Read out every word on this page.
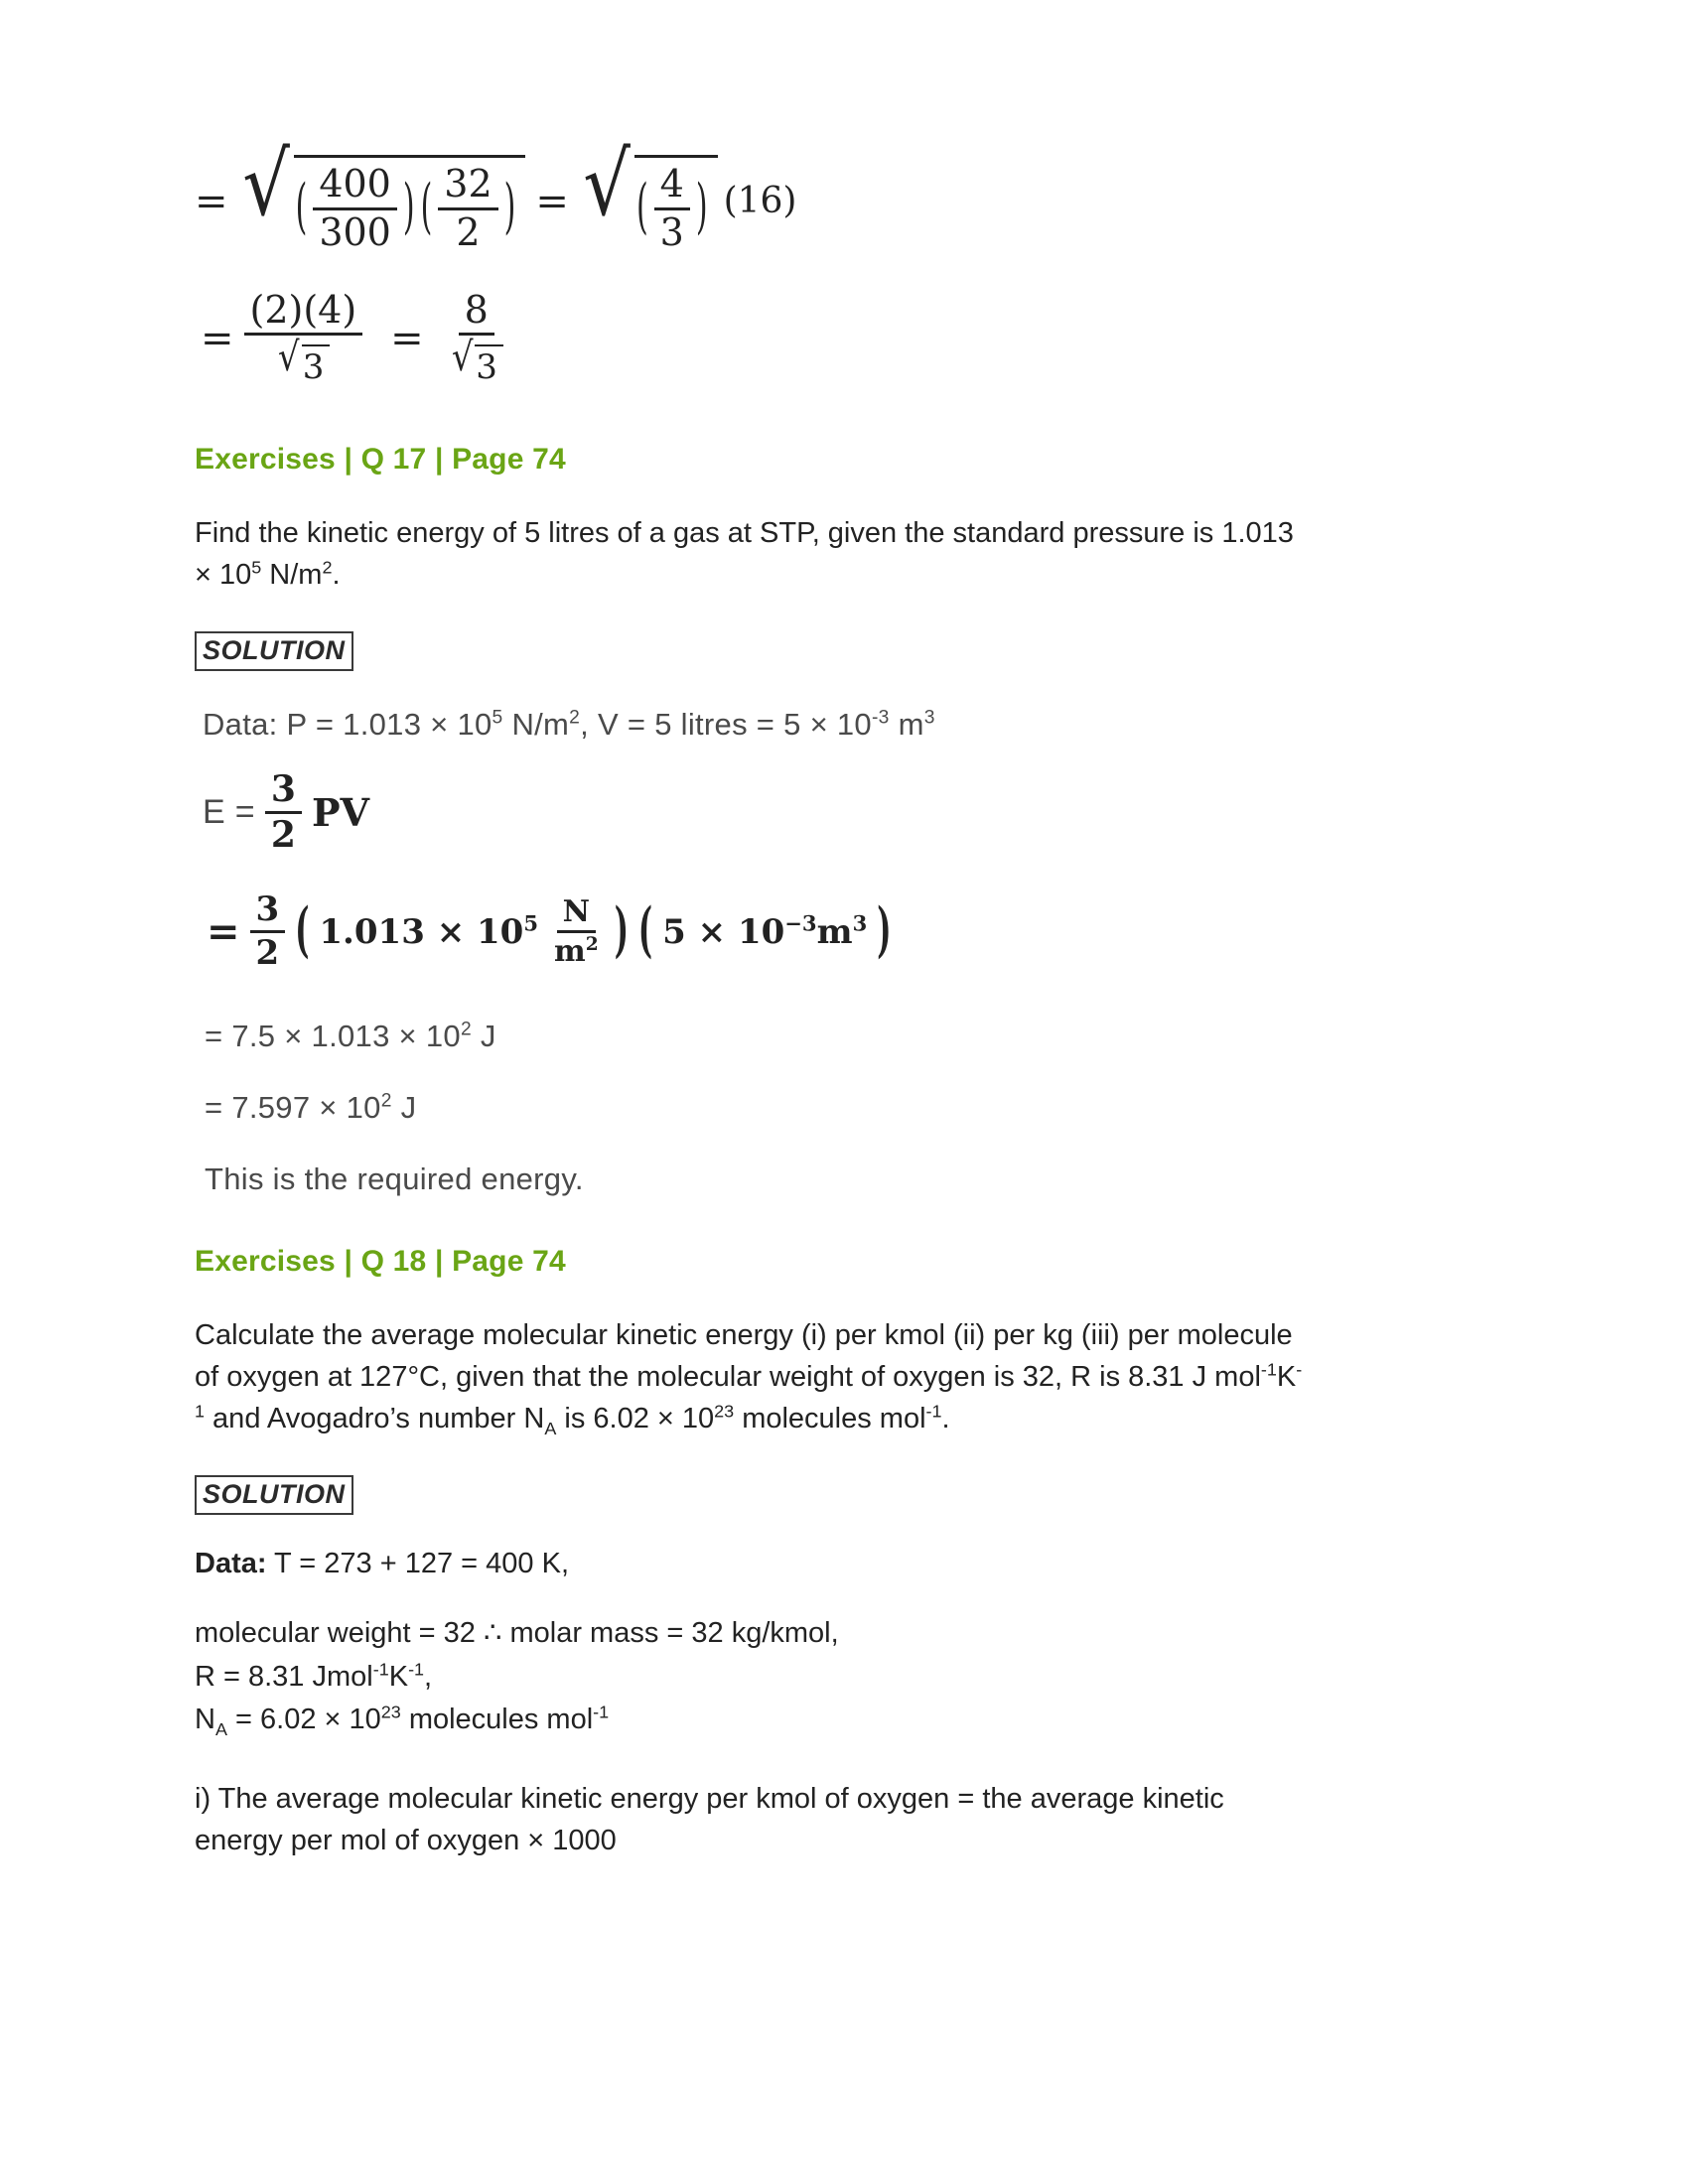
= √ ( $\frac{400}{300}$ ) ( $\frac{32}{2}$ ) = √ ( $\frac{4}{3}$ ) (16)
= $\frac{(2)(4)}{√ 3} = \frac{8}{√ 3}$
Exercises | Q 17 | Page 74
Find the kinetic energy of 5 litres of a gas at STP, given the standard pressure is 1.013
× $10^5$ $N/m^2$.
SOLUTION
Data: $P = 1.013 \times 10^5$ $N/m^2$, V = 5 litres = $5 \times 10^{-3}$ $m^3$
$E = \frac{3}{2}$ PV
= $\frac{3}{2}$ ( $1.013 \times 10^5 \frac{N}{m^2}$ ) ( $5 \times 10^{-3}m^3$ )
= $7.5 \times 1.013 \times 10^2$ J
= $7.597 \times 10^2$ J
This is the required energy.
Exercises | Q 18 | Page 74
Calculate the average molecular kinetic energy (i) per kmol (ii) per kg (iii) per molecule
of oxygen at 127°C, given that the molecular weight of oxygen is 32, R is 8.31 J mol$^{-1}$K-
$^1$ and Avogadro’s number $N_A$ is $6.02 \times 10^{23}$ molecules mol$^{-1}$.
SOLUTION
Data: T = 273 + 127 = 400 K,
molecular weight = 32 ∴ molar mass = 32 kg/kmol,
R = 8.31 $Jmol^{-1}K^{-1}$,
$N_A = 6.02 \times 10^{23}$ molecules mol$^{-1}$
i) The average molecular kinetic energy per kmol of oxygen = the average kinetic
energy per mol of oxygen × 1000
